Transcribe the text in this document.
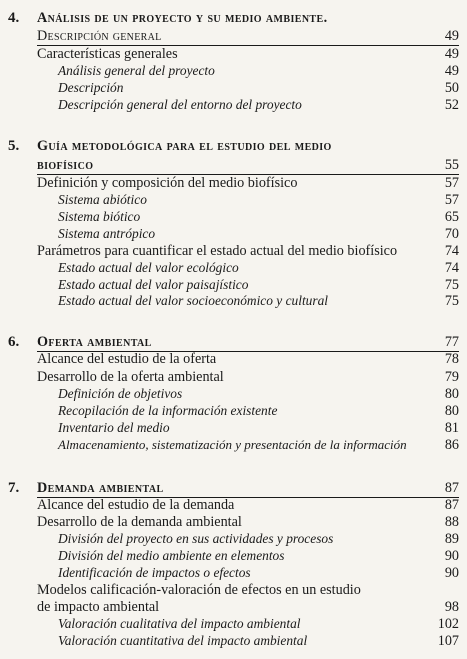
4. Análisis de un proyecto y su medio ambiente.
Descripción general	49
Características generales	49
Análisis general del proyecto	49
Descripción	50
Descripción general del entorno del proyecto	52
5. Guía metodológica para el estudio del medio
biofísico	55
Definición y composición del medio biofísico	57
Sistema abiótico	57
Sistema biótico	65
Sistema antrópico	70
Parámetros para cuantificar el estado actual del medio biofísico	74
Estado actual del valor ecológico	74
Estado actual del valor paisajístico	75
Estado actual del valor socioeconómico y cultural	75
6. Oferta ambiental	77
Alcance del estudio de la oferta	78
Desarrollo de la oferta ambiental	79
Definición de objetivos	80
Recopilación de la información existente	80
Inventario del medio	81
Almacenamiento, sistematización y presentación de la información	86
7. Demanda ambiental	87
Alcance del estudio de la demanda	87
Desarrollo de la demanda ambiental	88
División del proyecto en sus actividades y procesos	89
División del medio ambiente en elementos	90
Identificación de impactos o efectos	90
Modelos calificación-valoración de efectos en un estudio
de impacto ambiental	98
Valoración cualitativa del impacto ambiental	102
Valoración cuantitativa del impacto ambiental	107
